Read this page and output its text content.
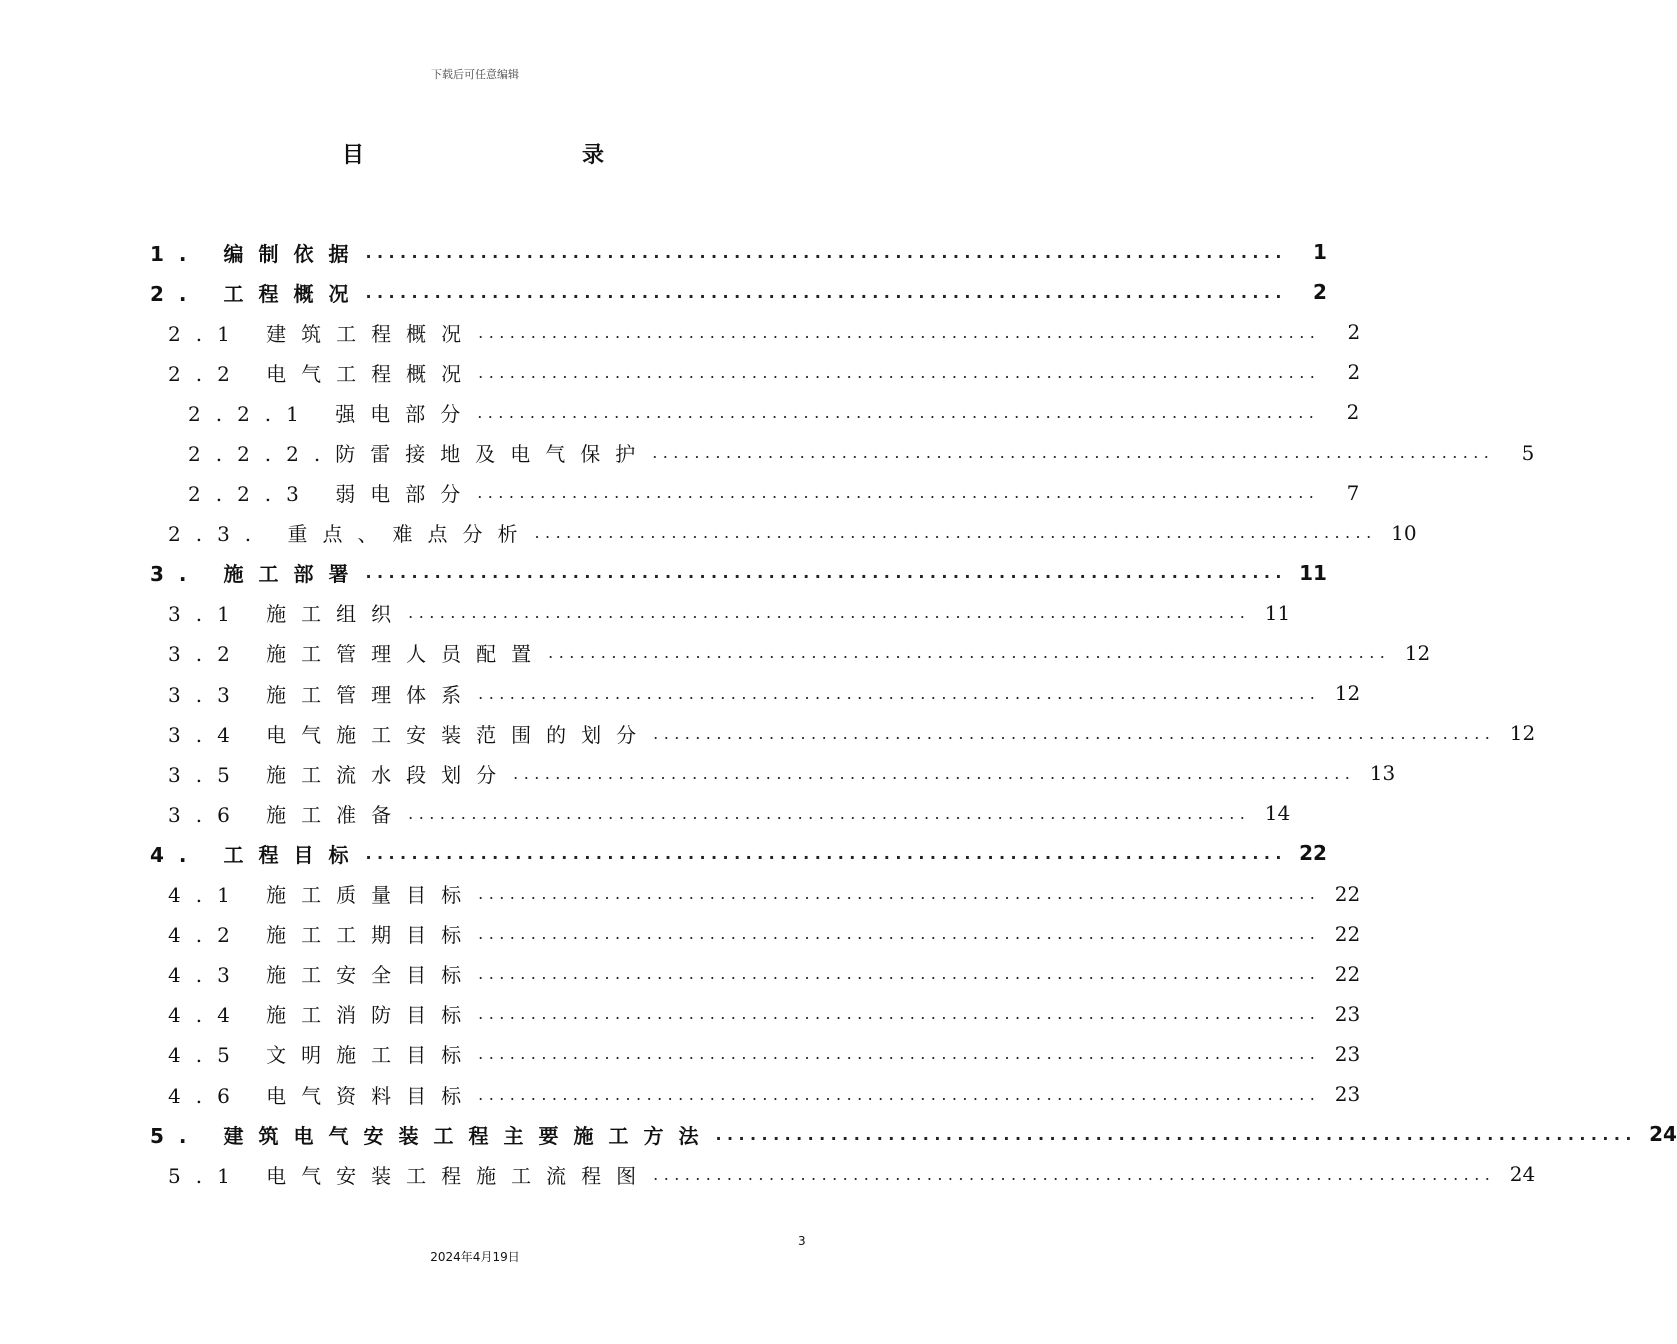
下载后可任意编辑
目	录
1. 编制依据 ................................................................................	1
2. 工程概况 ................................................................................	2
2.1 建筑工程概况 ................................................................................	2
2.2 电气工程概况 ................................................................................	2
2.2.1 强电部分 ................................................................................	2
2.2.2.防雷接地及电气保护 ................................................................................	5
2.2.3 弱电部分 ................................................................................	7
2.3. 重点、难点分析 ................................................................................ 10
3. 施工部署 ................................................................................ 11
3.1 施工组织 ................................................................................ 11
3.2 施工管理人员配置 ................................................................................ 12
3.3 施工管理体系 ................................................................................ 12
3.4 电气施工安装范围的划分 ................................................................................ 12
3.5 施工流水段划分 ................................................................................ 13
3.6 施工准备 ................................................................................ 14
4. 工程目标 ................................................................................ 22
4.1 施工质量目标 ................................................................................ 22
4.2 施工工期目标 ................................................................................ 22
4.3 施工安全目标 ................................................................................ 22
4.4 施工消防目标 ................................................................................ 23
4.5 文明施工目标 ................................................................................ 23
4.6 电气资料目标 ................................................................................ 23
5. 建筑电气安装工程主要施工方法 ................................................................................ 24
5.1 电气安装工程施工流程图 ................................................................................ 24
3
2024年4月19日
